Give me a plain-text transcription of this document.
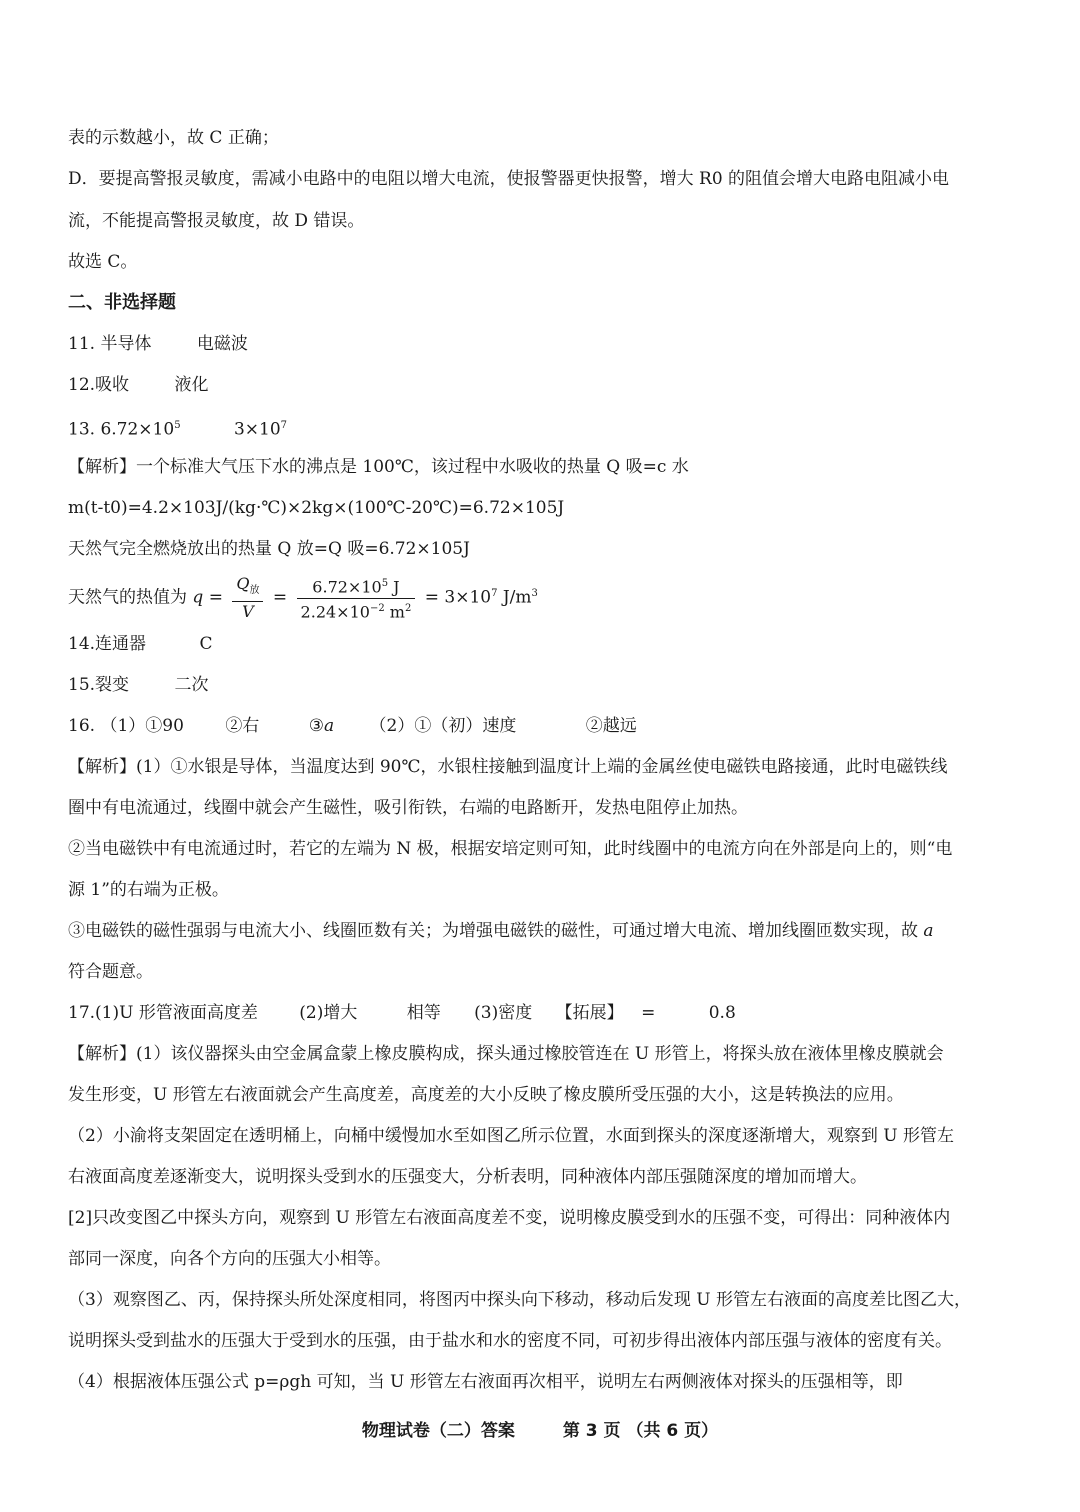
表的示数越小，故 C 正确；
D．要提高警报灵敏度，需减小电路中的电阻以增大电流，使报警器更快报警，增大 R0 的阻值会增大电路电阻减小电
流，不能提高警报灵敏度，故 D 错误。
故选 C。
二、非选择题
11. 半导体	电磁波
12.吸收	液化
13. $6.72\times 10^5$	$3\times 10^7$
【解析】一个标准大气压下水的沸点是 100℃，该过程中水吸收的热量 Q 吸=c 水
m(t-t0)=4.2×103J/(kg·℃)×2kg×(100℃-20℃)=6.72×105J
天然气完全燃烧放出的热量 Q 放=Q 吸=6.72×105J
天然气的热值为 $q = \frac{Q_放}{V} = \frac{6.72\times 10^5 J}{2.24\times 10^{-2} m^2} = 3\times 10^7$ $J/m^3$
14.连通器	C
15.裂变	二次
16. （1）①90 ②右	③a （2）①（初）速度	②越远
【解析】(1）①水银是导体，当温度达到 90℃，水银柱接触到温度计上端的金属丝使电磁铁电路接通，此时电磁铁线
圈中有电流通过，线圈中就会产生磁性，吸引衔铁，右端的电路断开，发热电阻停止加热。
②当电磁铁中有电流通过时，若它的左端为 N 极，根据安培定则可知，此时线圈中的电流方向在外部是向上的，则“电
源 1”的右端为正极。
③电磁铁的磁性强弱与电流大小、线圈匝数有关；为增强电磁铁的磁性，可通过增大电流、增加线圈匝数实现，故 a
符合题意。
17.(1)U 形管液面高度差 (2)增大	相等 (3)密度 【拓展】 =	0.8
【解析】(1）该仪器探头由空金属盒蒙上橡皮膜构成，探头通过橡胶管连在 U 形管上，将探头放在液体里橡皮膜就会
发生形变，U 形管左右液面就会产生高度差，高度差的大小反映了橡皮膜所受压强的大小，这是转换法的应用。
（2）小渝将支架固定在透明桶上，向桶中缓慢加水至如图乙所示位置，水面到探头的深度逐渐增大，观察到 U 形管左
右液面高度差逐渐变大，说明探头受到水的压强变大，分析表明，同种液体内部压强随深度的增加而增大。
[2]只改变图乙中探头方向，观察到 U 形管左右液面高度差不变，说明橡皮膜受到水的压强不变，可得出：同种液体内
部同一深度，向各个方向的压强大小相等。
（3）观察图乙、丙，保持探头所处深度相同，将图丙中探头向下移动，移动后发现 U 形管左右液面的高度差比图乙大，
说明探头受到盐水的压强大于受到水的压强，由于盐水和水的密度不同，可初步得出液体内部压强与液体的密度有关。
（4）根据液体压强公式 p=ρgh 可知，当 U 形管左右液面再次相平，说明左右两侧液体对探头的压强相等，即
物理试卷（二）答案	第 3 页 （共 6 页）
